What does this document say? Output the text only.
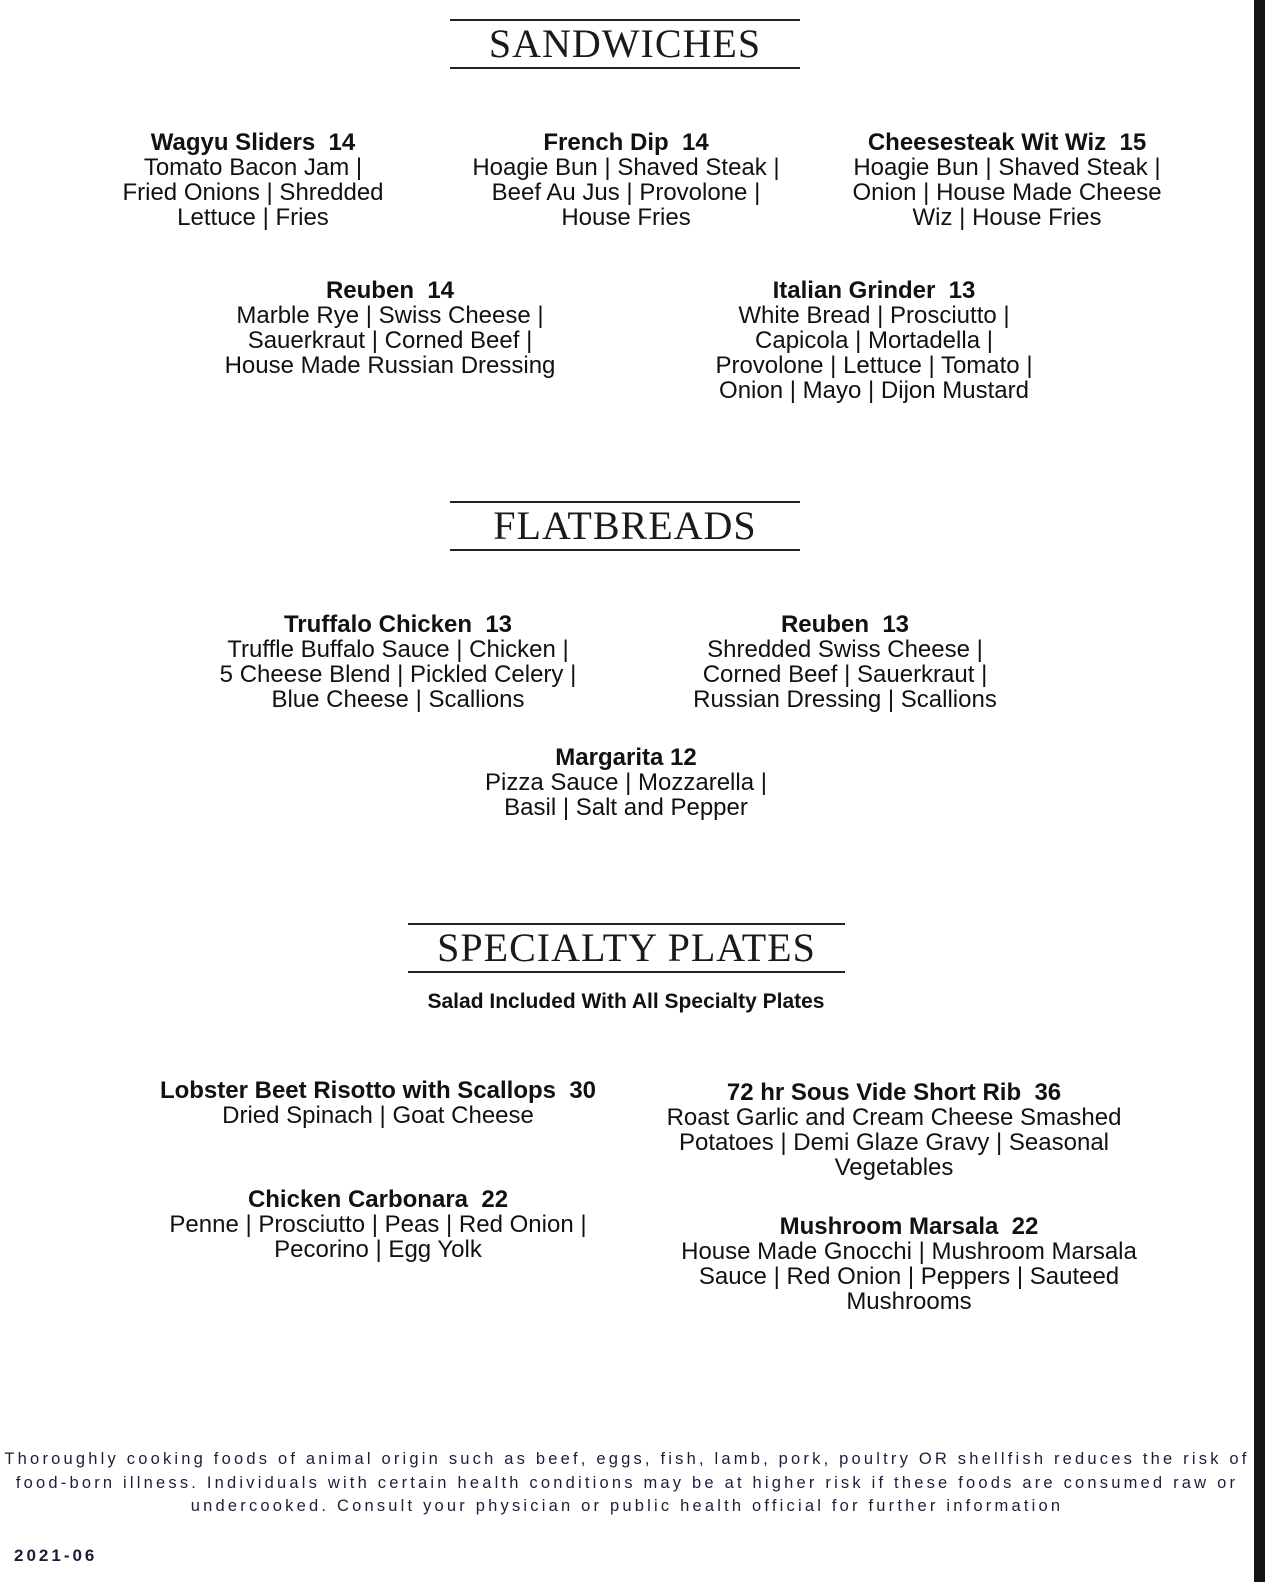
SANDWICHES
Wagyu Sliders  14
Tomato Bacon Jam |
Fried Onions | Shredded
Lettuce | Fries
French Dip  14
Hoagie Bun | Shaved Steak |
Beef Au Jus | Provolone |
House Fries
Cheesesteak Wit Wiz  15
Hoagie Bun | Shaved Steak |
Onion | House Made Cheese
Wiz | House Fries
Reuben  14
Marble Rye | Swiss Cheese |
Sauerkraut | Corned Beef |
House Made Russian Dressing
Italian Grinder  13
White Bread | Prosciutto |
Capicola | Mortadella |
Provolone | Lettuce | Tomato |
Onion | Mayo | Dijon Mustard
FLATBREADS
Truffalo Chicken  13
Truffle Buffalo Sauce | Chicken |
5 Cheese Blend | Pickled Celery |
Blue Cheese | Scallions
Reuben  13
Shredded Swiss Cheese |
Corned Beef | Sauerkraut |
Russian Dressing | Scallions
Margarita 12
Pizza Sauce | Mozzarella |
Basil | Salt and Pepper
SPECIALTY PLATES
Salad Included With All Specialty Plates
Lobster Beet Risotto with Scallops  30
Dried Spinach | Goat Cheese
72 hr Sous Vide Short Rib  36
Roast Garlic and Cream Cheese Smashed
Potatoes | Demi Glaze Gravy | Seasonal
Vegetables
Chicken Carbonara  22
Penne | Prosciutto | Peas | Red Onion |
Pecorino | Egg Yolk
Mushroom Marsala  22
House Made Gnocchi | Mushroom Marsala
Sauce | Red Onion | Peppers | Sauteed
Mushrooms
Thoroughly cooking foods of animal origin such as beef, eggs, fish, lamb, pork, poultry OR shellfish reduces the risk of food-born illness. Individuals with certain health conditions may be at higher risk if these foods are consumed raw or undercooked. Consult your physician or public health official for further information
2021-06
